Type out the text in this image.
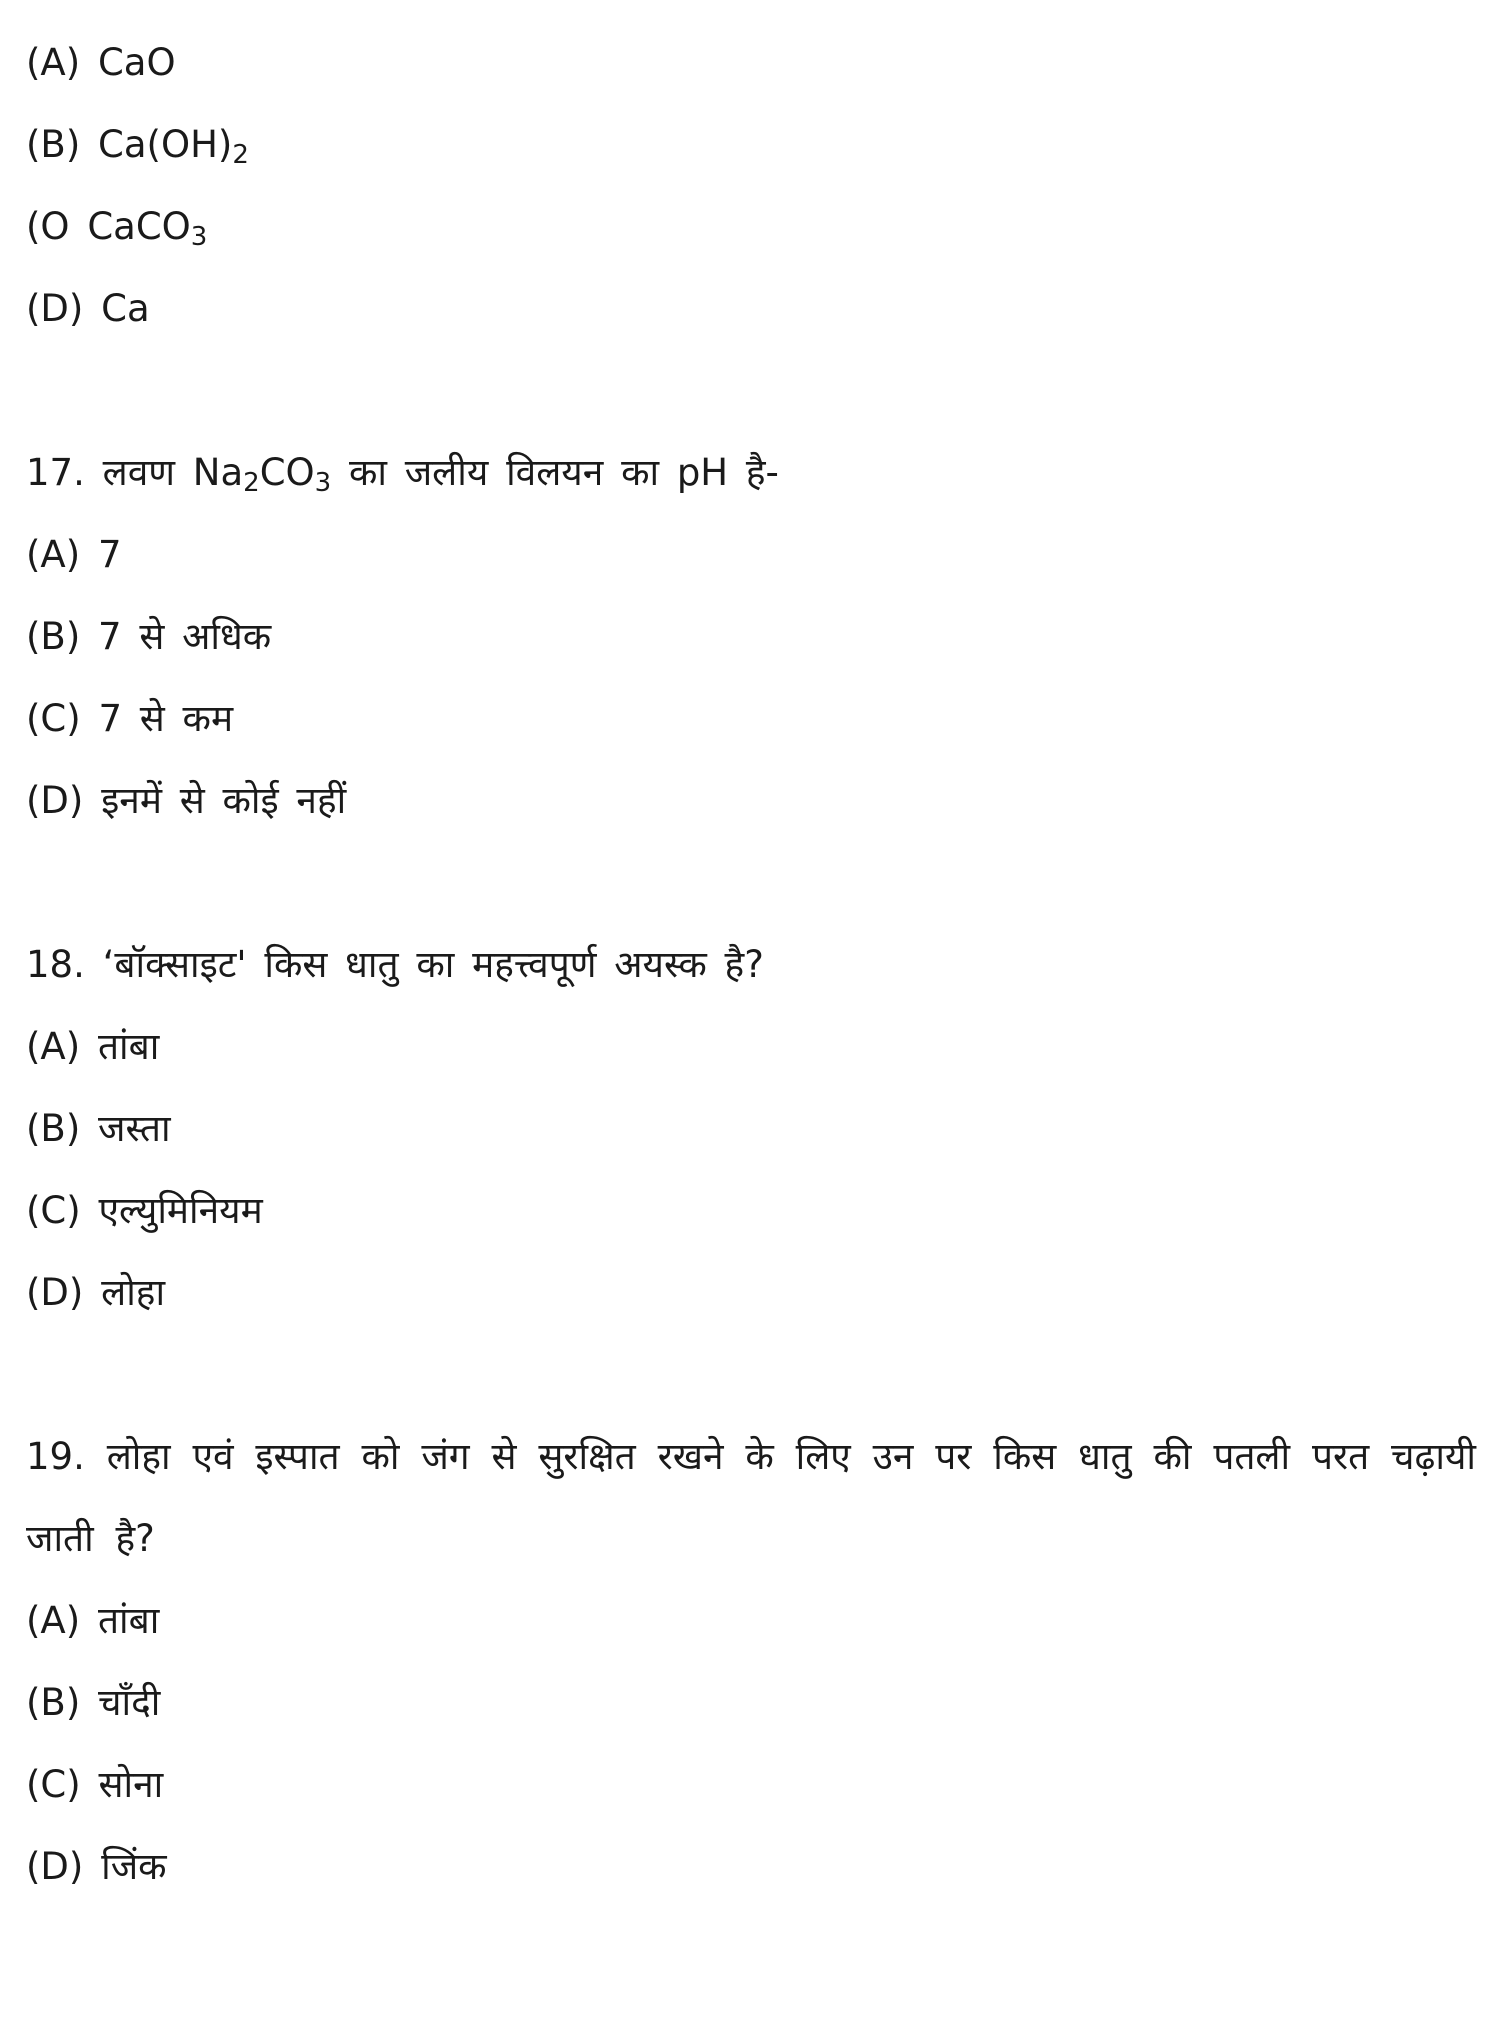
(A) CaO
(B) $Ca(OH)_2$
(O CaCO$_3$
(D) Ca
17. लवण $Na_2CO_3$ का जलीय विलयन का pH है-
(A) 7
(B) 7 से अधिक
(C) 7 से कम
(D) इनमें से कोई नहीं
18. ‘बॉक्साइट' किस धातु का महत्त्वपूर्ण अयस्क है?
(A) तांबा
(B) जस्ता
(C) एल्युमिनियम
(D) लोहा
19. लोहा एवं इस्पात को जंग से सुरक्षित रखने के लिए उन पर किस धातु की पतली परत चढ़ायी जाती है?
(A) तांबा
(B) चाँदी
(C) सोना
(D) जिंक
